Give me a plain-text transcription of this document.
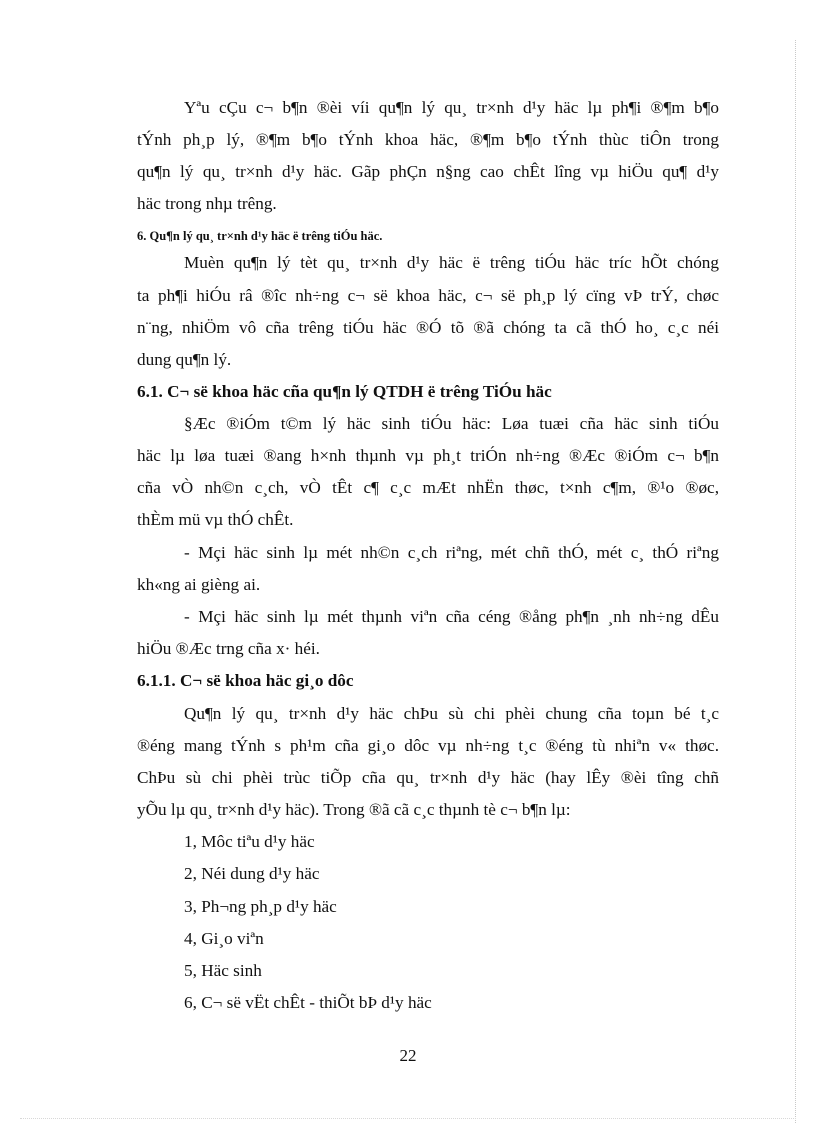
Yªu cÇu c¬ b¶n ®èi víi qu¶n lý qu¸ tr×nh d¹y häc lµ ph¶i ®¶m b¶o
tÝnh ph¸p lý, ®¶m b¶o tÝnh khoa häc, ®¶m b¶o tÝnh thùc tiÔn trong
qu¶n lý qu¸ tr×nh d¹y häc. Gãp phÇn n§ng cao chÊt lîng vµ hiÖu qu¶ d¹y
häc trong nhµ trêng.
6. Qu¶n lý qu¸ tr×nh d¹y häc ë trêng tiÓu häc.
Muèn qu¶n lý tèt qu¸ tr×nh d¹y häc ë trêng tiÓu häc tríc hÕt chóng
ta ph¶i hiÓu râ ®îc nh÷ng c¬ së khoa häc, c¬ së ph¸p lý cïng vÞ trÝ, chøc
n¨ng, nhiÖm vô cña trêng tiÓu häc ®Ó tõ ®ã chóng ta cã thÓ ho¸ c¸c néi
dung qu¶n lý.
6.1. C¬ së khoa häc cña qu¶n lý QTDH ë trêng TiÓu häc
§Æc ®iÓm t©m lý häc sinh tiÓu häc: Løa tuæi cña häc sinh tiÓu
häc lµ løa tuæi ®ang h×nh thµnh vµ ph¸t triÓn nh÷ng ®Æc ®iÓm c¬ b¶n
cña vÒ nh©n c¸ch, vÒ tÊt c¶ c¸c mÆt nhËn thøc, t×nh c¶m, ®¹o ®øc,
thÈm mü vµ thÓ chÊt.
- Mçi häc sinh lµ mét nh©n c¸ch riªng, mét chñ thÓ, mét c¸ thÓ riªng
kh«ng ai gièng ai.
- Mçi häc sinh lµ mét thµnh viªn cña céng ®ång ph¶n ¸nh nh÷ng dÊu
hiÖu ®Æc trng cña x· héi.
6.1.1. C¬ së khoa häc gi¸o dôc
Qu¶n lý qu¸ tr×nh d¹y häc chÞu sù chi phèi chung cña toµn bé t¸c
®éng mang tÝnh s ph¹m cña gi¸o dôc vµ nh÷ng t¸c ®éng tù nhiªn v« thøc.
ChÞu sù chi phèi trùc tiÕp cña qu¸ tr×nh d¹y häc (hay lÊy ®èi tîng chñ
yÕu lµ qu¸ tr×nh d¹y häc). Trong ®ã cã c¸c thµnh tè c¬ b¶n lµ:
1, Môc tiªu d¹y häc
2, Néi dung d¹y häc
3, Ph¬ng ph¸p d¹y häc
4, Gi¸o viªn
5, Häc sinh
6, C¬ së vËt chÊt - thiÕt bÞ d¹y häc
22
